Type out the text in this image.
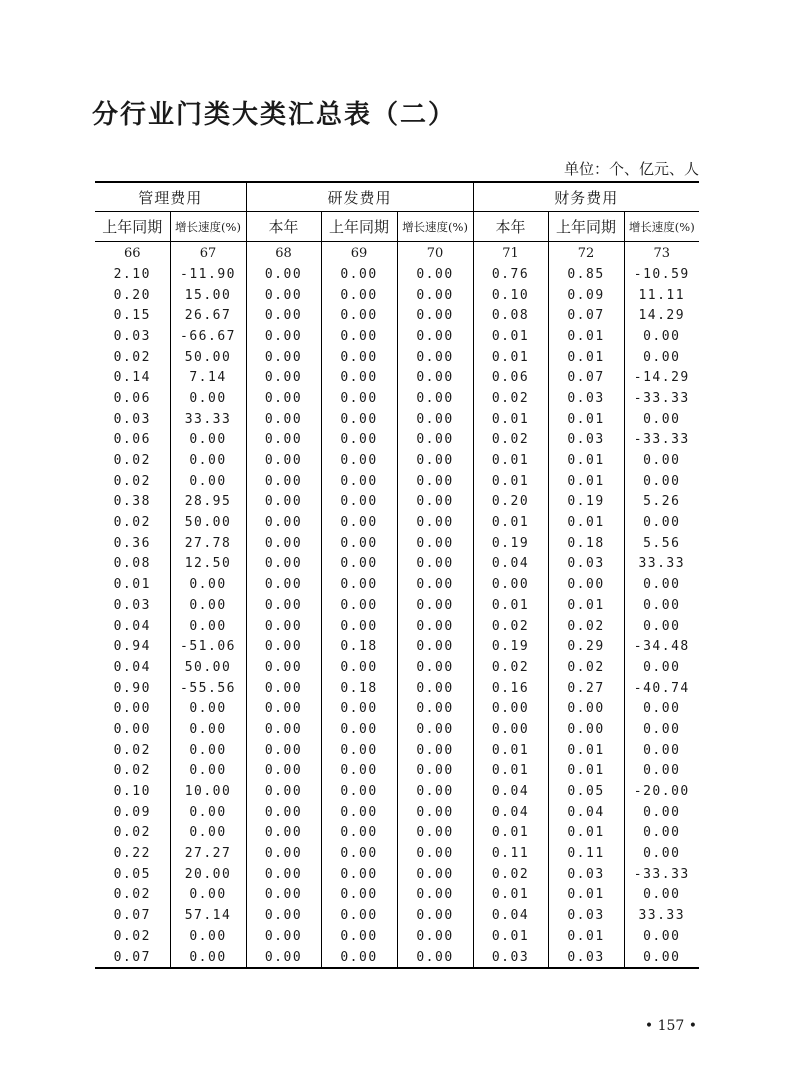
分行业门类大类汇总表（二）
单位：个、亿元、人
管理费用		研发费用			财务费用		
上年同期	增长速度(%)	本年	上年同期	增长速度(%)	本年	上年同期	增长速度(%)
66	67	68	69	70	71	72	73
2.10	-11.90	0.00	0.00	0.00	0.76	0.85	-10.59
0.20	15.00	0.00	0.00	0.00	0.10	0.09	11.11
0.15	26.67	0.00	0.00	0.00	0.08	0.07	14.29
0.03	-66.67	0.00	0.00	0.00	0.01	0.01	0.00
0.02	50.00	0.00	0.00	0.00	0.01	0.01	0.00
0.14	7.14	0.00	0.00	0.00	0.06	0.07	-14.29
0.06	0.00	0.00	0.00	0.00	0.02	0.03	-33.33
0.03	33.33	0.00	0.00	0.00	0.01	0.01	0.00
0.06	0.00	0.00	0.00	0.00	0.02	0.03	-33.33
0.02	0.00	0.00	0.00	0.00	0.01	0.01	0.00
0.02	0.00	0.00	0.00	0.00	0.01	0.01	0.00
0.38	28.95	0.00	0.00	0.00	0.20	0.19	5.26
0.02	50.00	0.00	0.00	0.00	0.01	0.01	0.00
0.36	27.78	0.00	0.00	0.00	0.19	0.18	5.56
0.08	12.50	0.00	0.00	0.00	0.04	0.03	33.33
0.01	0.00	0.00	0.00	0.00	0.00	0.00	0.00
0.03	0.00	0.00	0.00	0.00	0.01	0.01	0.00
0.04	0.00	0.00	0.00	0.00	0.02	0.02	0.00
0.94	-51.06	0.00	0.18	0.00	0.19	0.29	-34.48
0.04	50.00	0.00	0.00	0.00	0.02	0.02	0.00
0.90	-55.56	0.00	0.18	0.00	0.16	0.27	-40.74
0.00	0.00	0.00	0.00	0.00	0.00	0.00	0.00
0.00	0.00	0.00	0.00	0.00	0.00	0.00	0.00
0.02	0.00	0.00	0.00	0.00	0.01	0.01	0.00
0.02	0.00	0.00	0.00	0.00	0.01	0.01	0.00
0.10	10.00	0.00	0.00	0.00	0.04	0.05	-20.00
0.09	0.00	0.00	0.00	0.00	0.04	0.04	0.00
0.02	0.00	0.00	0.00	0.00	0.01	0.01	0.00
0.22	27.27	0.00	0.00	0.00	0.11	0.11	0.00
0.05	20.00	0.00	0.00	0.00	0.02	0.03	-33.33
0.02	0.00	0.00	0.00	0.00	0.01	0.01	0.00
0.07	57.14	0.00	0.00	0.00	0.04	0.03	33.33
0.02	0.00	0.00	0.00	0.00	0.01	0.01	0.00
0.07	0.00	0.00	0.00	0.00	0.03	0.03	0.00
• 157 •
